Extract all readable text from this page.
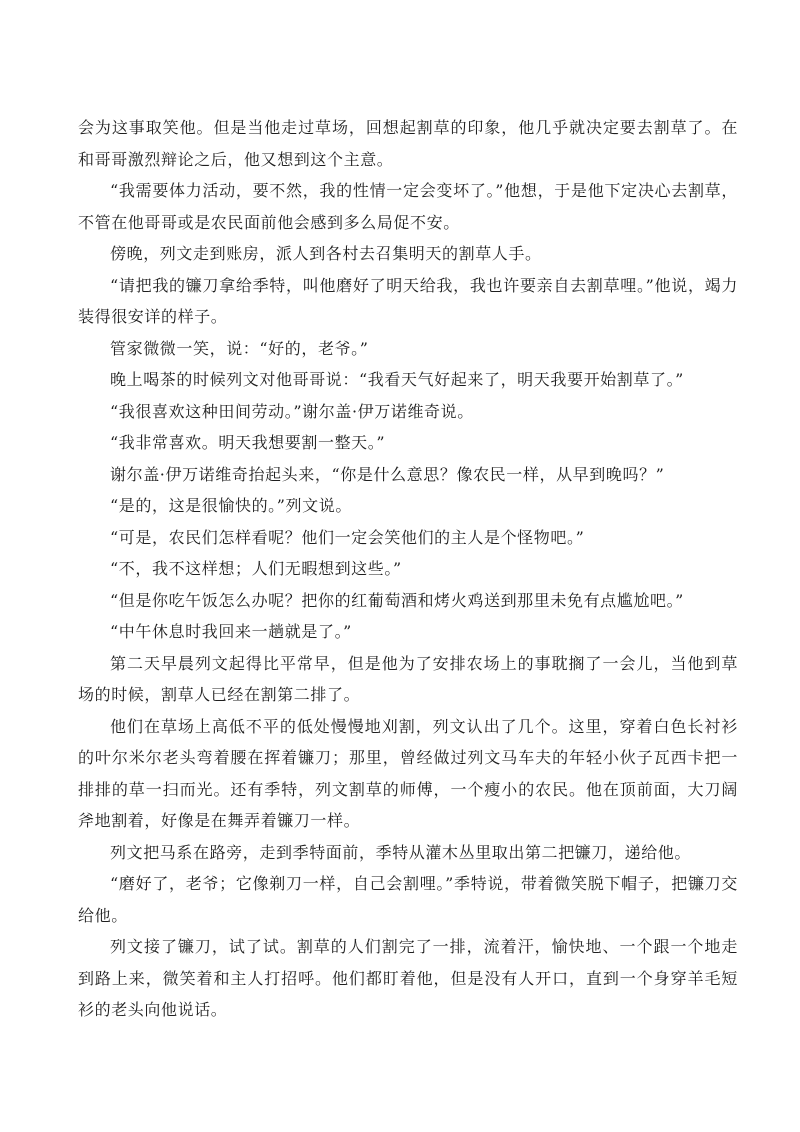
会为这事取笑他。但是当他走过草场，回想起割草的印象，他几乎就决定要去割草了。在和哥哥激烈辩论之后，他又想到这个主意。

“我需要体力活动，要不然，我的性情一定会变坏了。”他想，于是他下定决心去割草，不管在他哥哥或是农民面前他会感到多么局促不安。

傍晚，列文走到账房，派人到各村去召集明天的割草人手。

“请把我的镰刀拿给季特，叫他磨好了明天给我，我也许要亲自去割草哩。”他说，竭力装得很安详的样子。

管家微微一笑，说：“好的，老爷。”

晚上喝茶的时候列文对他哥哥说：“我看天气好起来了，明天我要开始割草了。”

“我很喜欢这种田间劳动。”谢尔盖·伊万诺维奇说。

“我非常喜欢。明天我想要割一整天。”

谢尔盖·伊万诺维奇抬起头来，“你是什么意思？像农民一样，从早到晚吗？”

“是的，这是很愉快的。”列文说。

“可是，农民们怎样看呢？他们一定会笑他们的主人是个怪物吧。”

“不，我不这样想；人们无暇想到这些。”

“但是你吃午饭怎么办呢？把你的红葡萄酒和烤火鸡送到那里未免有点尴尬吧。”

“中午休息时我回来一趟就是了。”

第二天早晨列文起得比平常早，但是他为了安排农场上的事耽搁了一会儿，当他到草场的时候，割草人已经在割第二排了。

他们在草场上高低不平的低处慢慢地刈割，列文认出了几个。这里，穿着白色长衬衫的叶尔米尔老头弯着腰在挥着镰刀；那里，曾经做过列文马车夫的年轻小伙子瓦西卡把一排排的草一扫而光。还有季特，列文割草的师傅，一个瘦小的农民。他在顶前面，大刀阔斧地割着，好像是在舞弄着镰刀一样。

列文把马系在路旁，走到季特面前，季特从灌木丛里取出第二把镰刀，递给他。

“磨好了，老爷；它像剃刀一样，自己会割哩。”季特说，带着微笑脱下帽子，把镰刀交给他。

列文接了镰刀，试了试。割草的人们割完了一排，流着汗，愉快地、一个跟一个地走到路上来，微笑着和主人打招呼。他们都盯着他，但是没有人开口，直到一个身穿羊毛短衫的老头向他说话。
